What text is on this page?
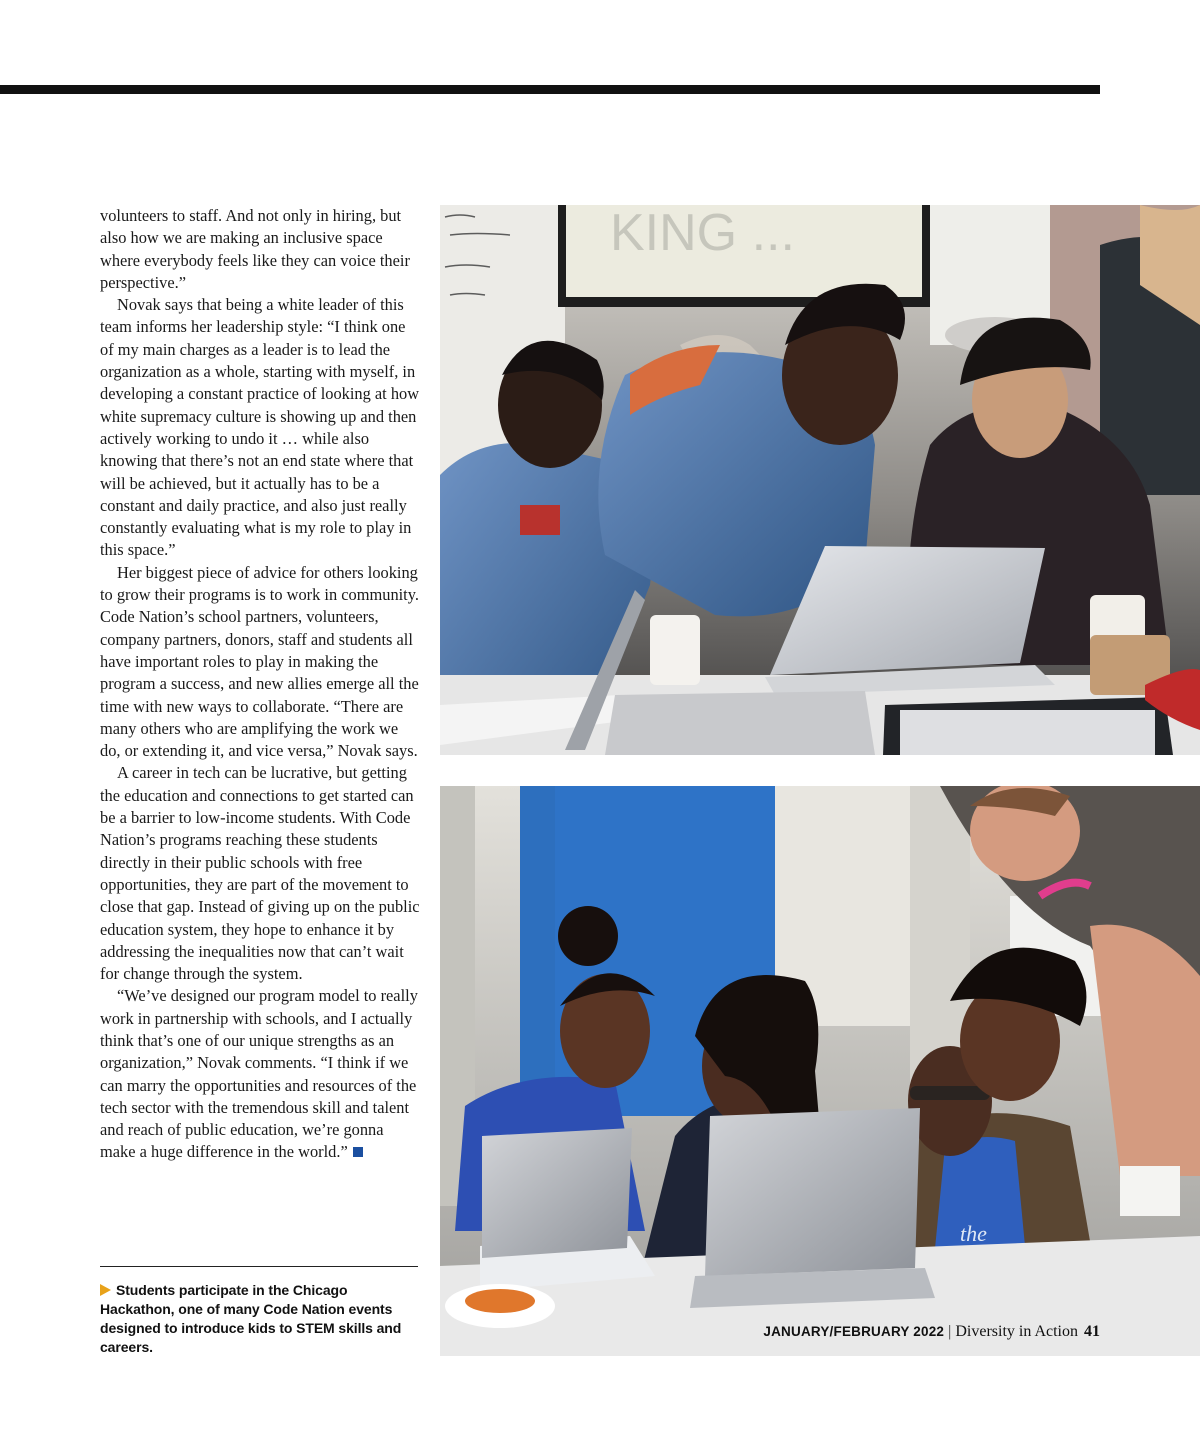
volunteers to staff. And not only in hiring, but also how we are making an inclusive space where everybody feels like they can voice their perspective.”

Novak says that being a white leader of this team informs her leadership style: “I think one of my main charges as a leader is to lead the organization as a whole, starting with myself, in developing a constant practice of looking at how white supremacy culture is showing up and then actively working to undo it … while also knowing that there’s not an end state where that will be achieved, but it actually has to be a constant and daily practice, and also just really constantly evaluating what is my role to play in this space.”

Her biggest piece of advice for others looking to grow their programs is to work in community. Code Nation’s school partners, volunteers, company partners, donors, staff and students all have important roles to play in making the program a success, and new allies emerge all the time with new ways to collaborate. “There are many others who are amplifying the work we do, or extending it, and vice versa,” Novak says.

A career in tech can be lucrative, but getting the education and connections to get started can be a barrier to low-income students. With Code Nation’s programs reaching these students directly in their public schools with free opportunities, they are part of the movement to close that gap. Instead of giving up on the public education system, they hope to enhance it by addressing the inequalities now that can’t wait for change through the system.

“We’ve designed our program model to really work in partnership with schools, and I actually think that’s one of our unique strengths as an organization,” Novak comments. “I think if we can marry the opportunities and resources of the tech sector with the tremendous skill and talent and reach of public education, we’re gonna make a huge difference in the world.”

Students participate in the Chicago Hackathon, one of many Code Nation events designed to introduce kids to STEM skills and careers.
KING ...
the
JANUARY/FEBRUARY 2022 | Diversity in Action 41
